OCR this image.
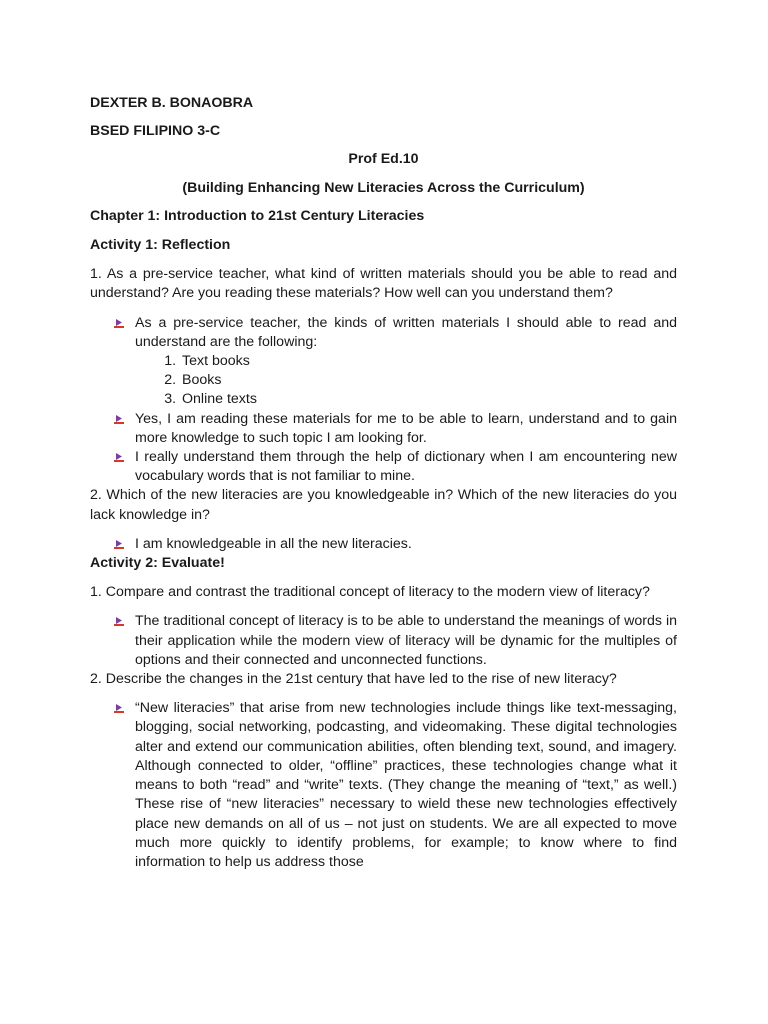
DEXTER B. BONAOBRA

BSED FILIPINO 3-C

Prof Ed.10

(Building Enhancing New Literacies Across the Curriculum)

Chapter 1: Introduction to 21st Century Literacies

Activity 1: Reflection

1. As a pre-service teacher, what kind of written materials should you be able to read and understand? Are you reading these materials? How well can you understand them?

As a pre-service teacher, the kinds of written materials I should able to read and understand are the following:
1. Text books
2. Books
3. Online texts
Yes, I am reading these materials for me to be able to learn, understand and to gain more knowledge to such topic I am looking for.
I really understand them through the help of dictionary when I am encountering new vocabulary words that is not familiar to mine.

2. Which of the new literacies are you knowledgeable in? Which of the new literacies do you lack knowledge in?

I am knowledgeable in all the new literacies.

Activity 2: Evaluate!

1. Compare and contrast the traditional concept of literacy to the modern view of literacy?

The traditional concept of literacy is to be able to understand the meanings of words in their application while the modern view of literacy will be dynamic for the multiples of options and their connected and unconnected functions.

2. Describe the changes in the 21st century that have led to the rise of new literacy?

“New literacies” that arise from new technologies include things like text-messaging, blogging, social networking, podcasting, and videomaking. These digital technologies alter and extend our communication abilities, often blending text, sound, and imagery. Although connected to older, “offline” practices, these technologies change what it means to both “read” and “write” texts. (They change the meaning of “text,” as well.) These rise of “new literacies” necessary to wield these new technologies effectively place new demands on all of us – not just on students. We are all expected to move much more quickly to identify problems, for example; to know where to find information to help us address those
